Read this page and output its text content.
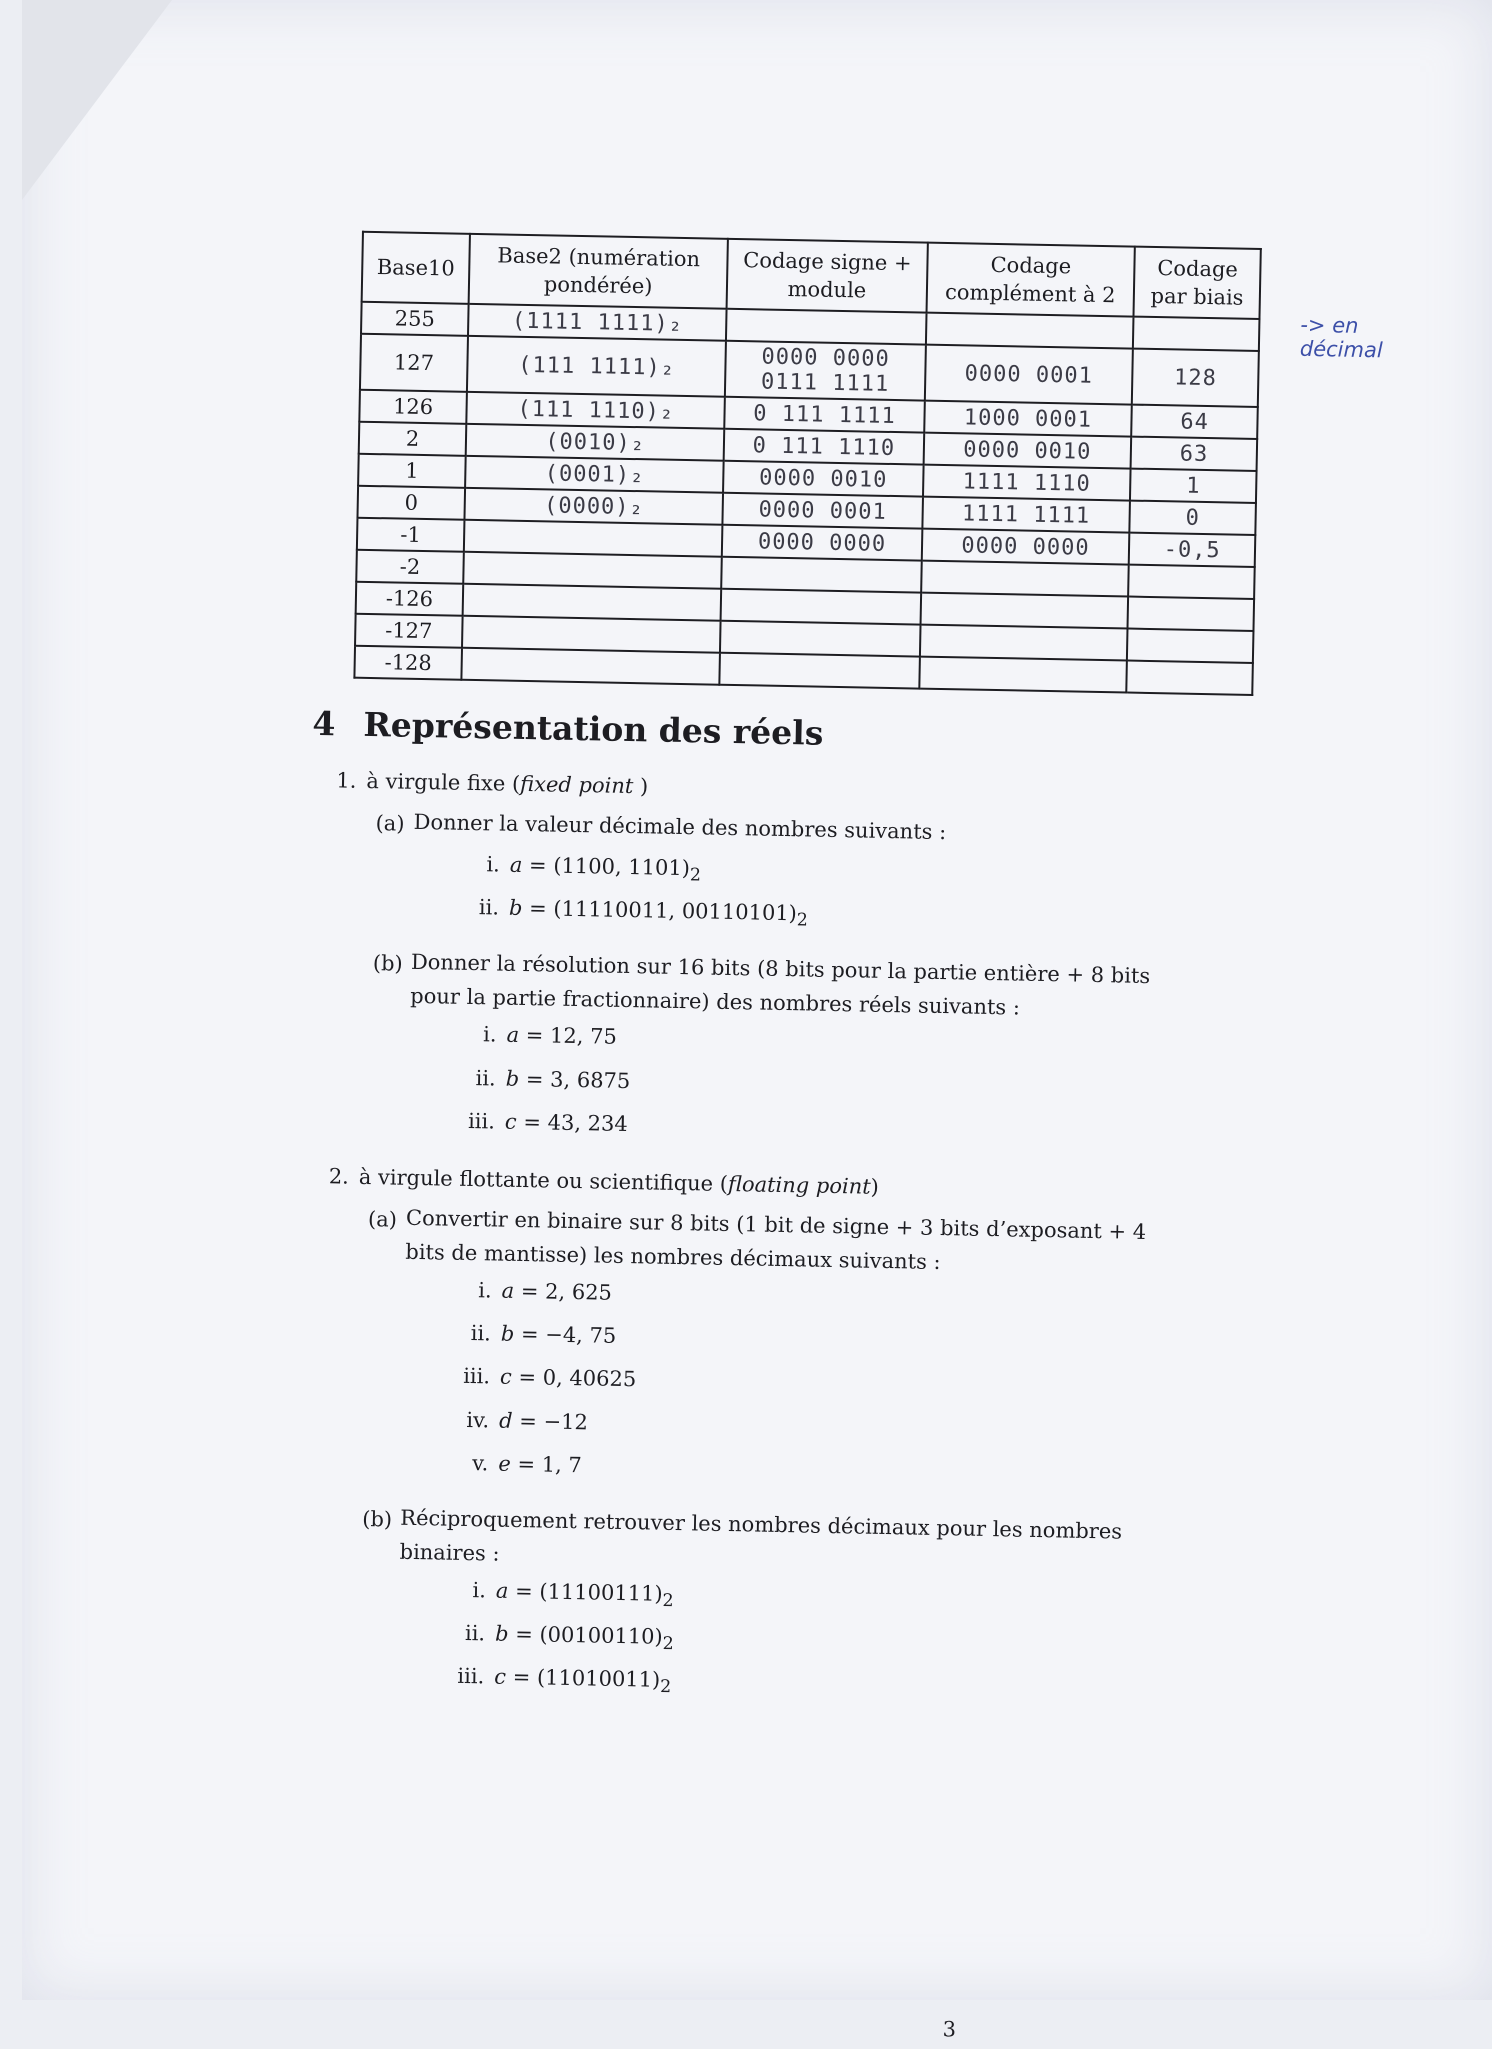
-> en décimal
Base10	Base2 (numération pondérée)	Codage signe + module	Codage complément à 2	Codage par biais
255	(1111 1111)₂			
127	(111 1111)₂	0000 0000 0111 1111	0000 0001	128
126	(111 1110)₂	0 111 1111	1000 0001	64
2	(0010)₂	0 111 1110	0000 0010	63
1	(0001)₂	0000 0010	1111 1110	1
0	(0000)₂	0000 0001	1111 1111	0
-1		0000 0000	0000 0000	-0,5
-2				
-126				
-127				
-128				
4 Représentation des réels
1. à virgule fixe (fixed point )
(a) Donner la valeur décimale des nombres suivants :
i. a = (1100, $1101)_2$
ii. b = (11110011, $00110101)_2$
(b) Donner la résolution sur 16 bits (8 bits pour la partie entière + 8 bits pour la partie fractionnaire) des nombres réels suivants :
i. a = 12, 75
ii. b = 3, 6875
iii. c = 43, 234
2. à virgule flottante ou scientifique (floating point)
(a) Convertir en binaire sur 8 bits (1 bit de signe + 3 bits d’exposant + 4 bits de mantisse) les nombres décimaux suivants :
i. a = 2, 625
ii. b = −4, 75
iii. c = 0, 40625
iv. d = −12
v. e = 1, 7
(b) Réciproquement retrouver les nombres décimaux pour les nombres binaires :
i. $a = (11100111)_2$
ii. $b = (00100110)_2$
iii. $c = (11010011)_2$
3
